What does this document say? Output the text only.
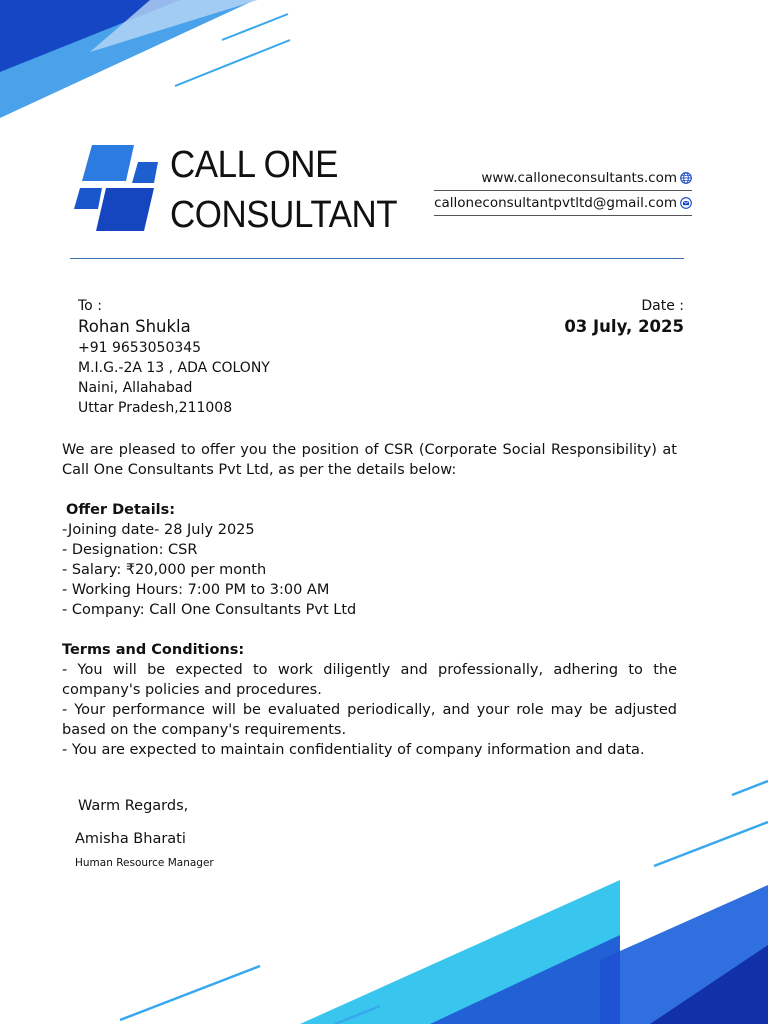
CALL ONE
CONSULTANT
www.calloneconsultants.com
calloneconsultantpvtltd@gmail.com
To :
Rohan Shukla
+91 9653050345
M.I.G.-2A 13 , ADA COLONY
Naini, Allahabad
Uttar Pradesh,211008
Date :
03 July, 2025
We are pleased to offer you the position of CSR (Corporate Social Responsibility) at Call One Consultants Pvt Ltd, as per the details below:
Offer Details:
-Joining date- 28 July 2025
- Designation: CSR
- Salary: ₹20,000 per month
- Working Hours: 7:00 PM to 3:00 AM
- Company: Call One Consultants Pvt Ltd
Terms and Conditions:
- You will be expected to work diligently and professionally, adhering to the company's policies and procedures.
- Your performance will be evaluated periodically, and your role may be adjusted based on the company's requirements.
- You are expected to maintain confidentiality of company information and data.
Warm Regards,
Amisha Bharati
Human Resource Manager
